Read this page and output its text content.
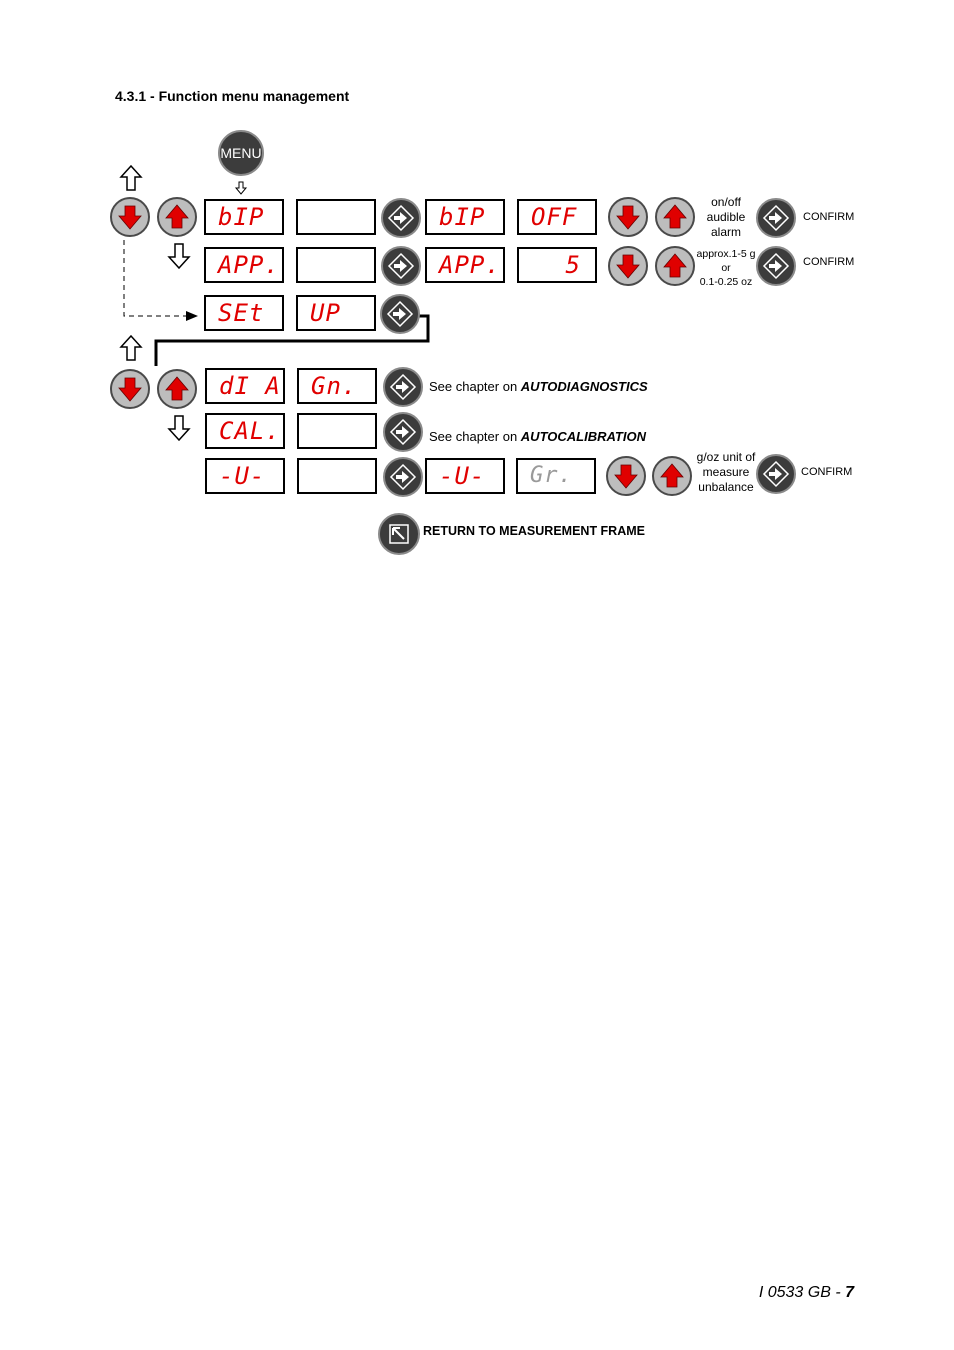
4.3.1 - Function menu management
MENU
bIP	bIP	OFF
on/off
audible
alarm
CONFIRM
APP.	APP.	5	approx.1-5 g
or
0.1-0.25 oz
CONFIRM
SEt	UP
dI A	Gn.	See chapter on AUTODIAGNOSTICS
CAL.	See chapter on AUTOCALIBRATION
-U-	-U-	Gr.
g/oz unit of
measure
unbalance
CONFIRM
RETURN TO MEASUREMENT FRAME
I 0533 GB - 7
